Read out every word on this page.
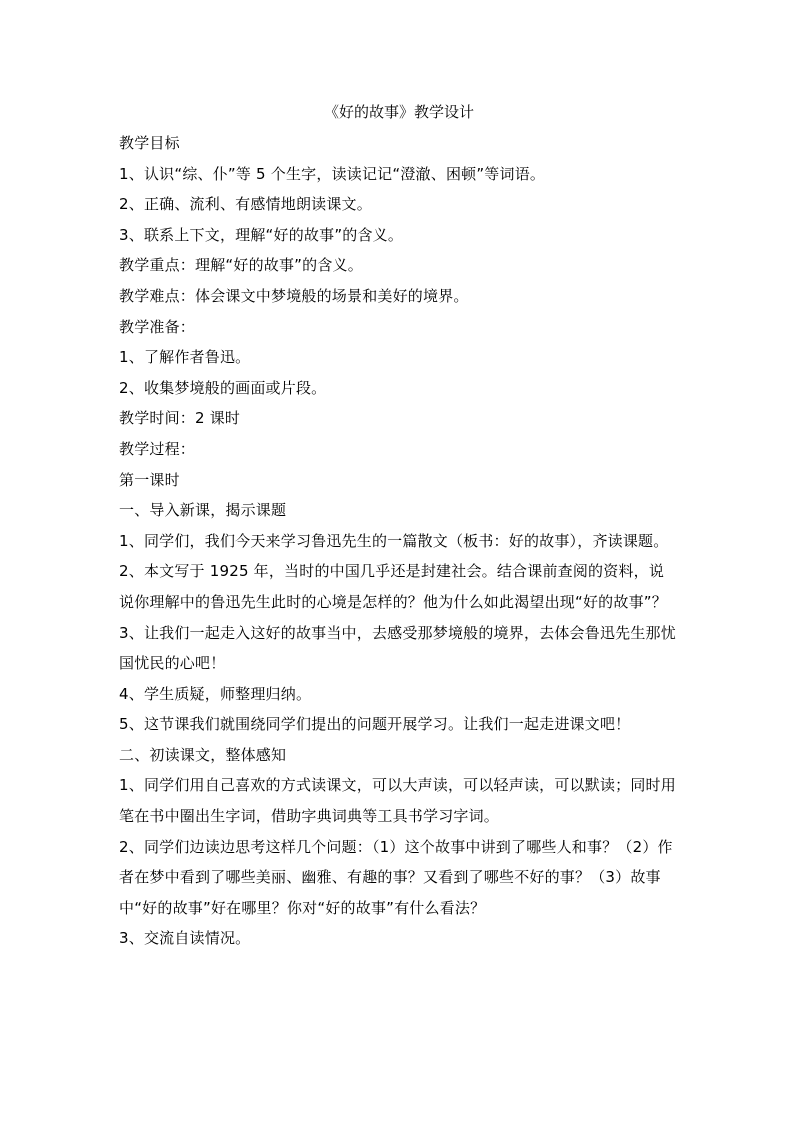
《好的故事》教学设计

教学目标

1、认识“综、仆”等 5 个生字，读读记记“澄澈、困顿”等词语。

2、正确、流利、有感情地朗读课文。

3、联系上下文，理解“好的故事”的含义。

教学重点：理解“好的故事”的含义。

教学难点：体会课文中梦境般的场景和美好的境界。

教学准备：

1、了解作者鲁迅。

2、收集梦境般的画面或片段。

教学时间：2 课时

教学过程：

第一课时

一、导入新课，揭示课题

1、同学们，我们今天来学习鲁迅先生的一篇散文（板书：好的故事），齐读课题。

2、本文写于 1925 年，当时的中国几乎还是封建社会。结合课前查阅的资料，说说你理解中的鲁迅先生此时的心境是怎样的？他为什么如此渴望出现“好的故事”？

3、让我们一起走入这好的故事当中，去感受那梦境般的境界，去体会鲁迅先生那忧国忧民的心吧！

4、学生质疑，师整理归纳。

5、这节课我们就围绕同学们提出的问题开展学习。让我们一起走进课文吧！

二、初读课文，整体感知

1、同学们用自己喜欢的方式读课文，可以大声读，可以轻声读，可以默读；同时用笔在书中圈出生字词，借助字典词典等工具书学习字词。

2、同学们边读边思考这样几个问题：（1）这个故事中讲到了哪些人和事？（2）作者在梦中看到了哪些美丽、幽雅、有趣的事？又看到了哪些不好的事？（3）故事中“好的故事”好在哪里？你对“好的故事”有什么看法？

3、交流自读情况。
